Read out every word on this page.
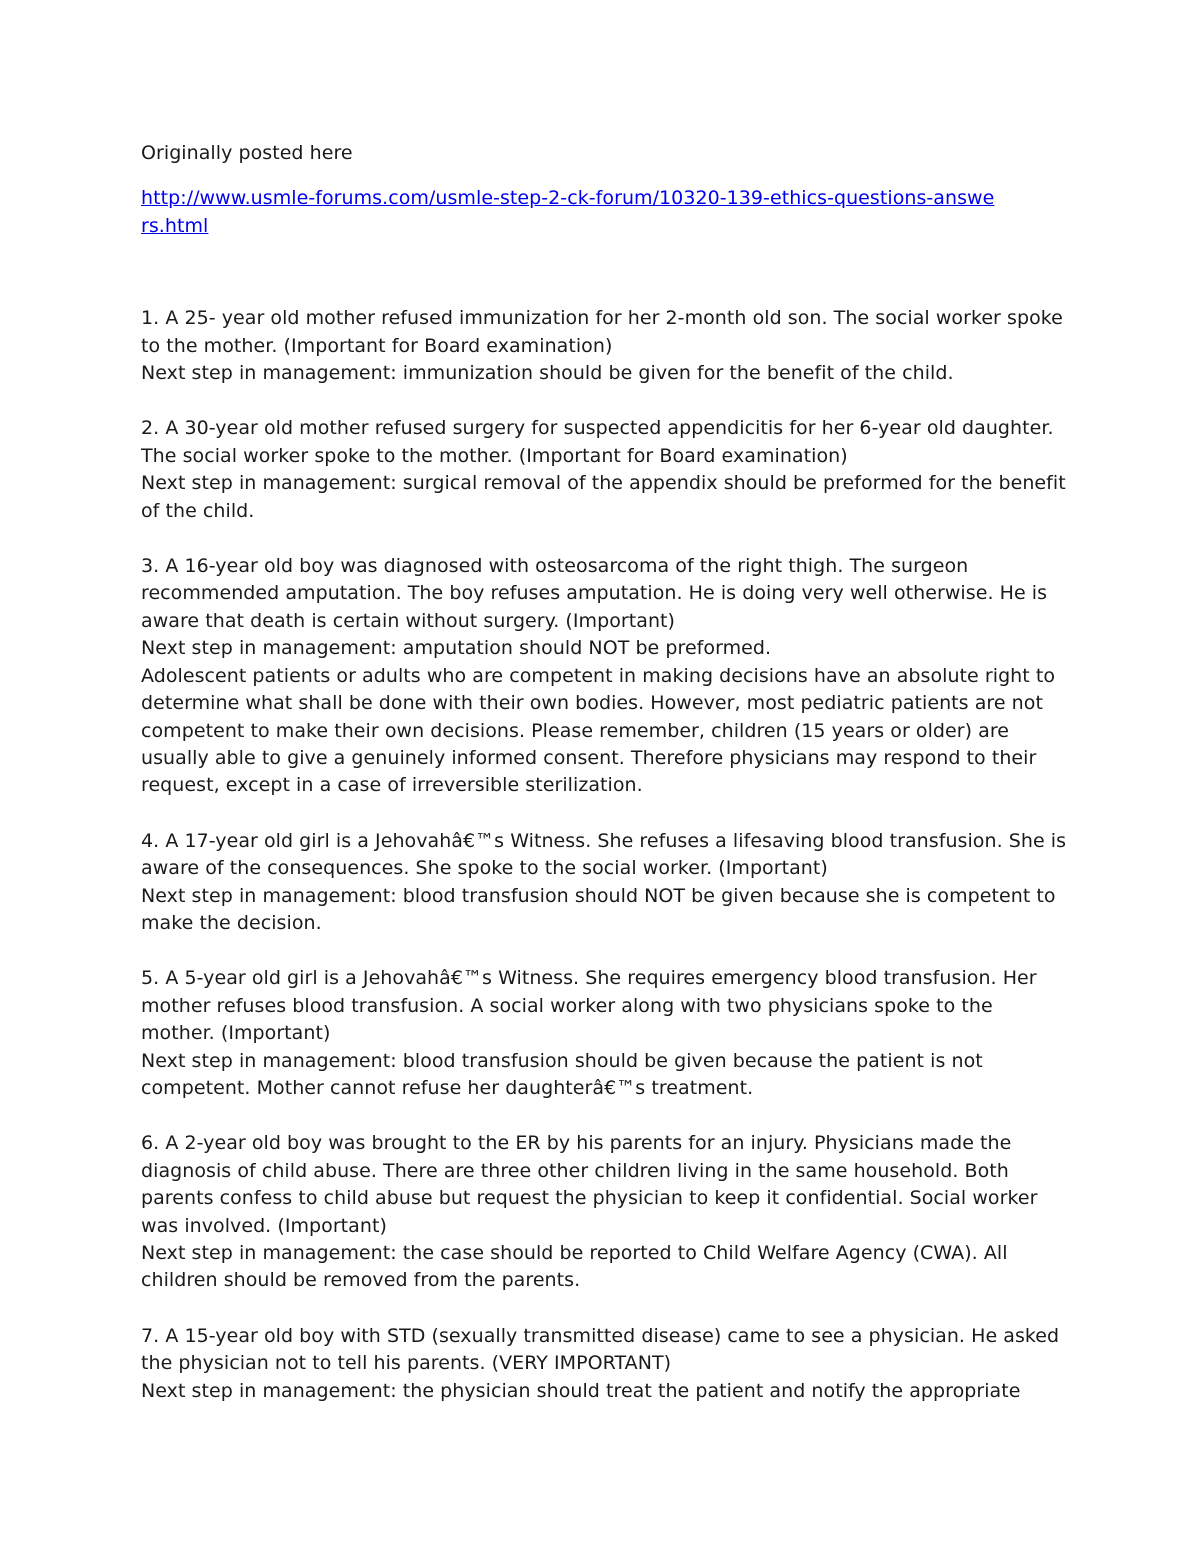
Originally posted here

http://www.usmle-forums.com/usmle-step-2-ck-forum/10320-139-ethics-questions-answers.html
1. A 25- year old mother refused immunization for her 2-month old son. The social worker spoke to the mother. (Important for Board examination)
Next step in management: immunization should be given for the benefit of the child.
2. A 30-year old mother refused surgery for suspected appendicitis for her 6-year old daughter. The social worker spoke to the mother. (Important for Board examination)
Next step in management: surgical removal of the appendix should be preformed for the benefit of the child.
3. A 16-year old boy was diagnosed with osteosarcoma of the right thigh. The surgeon recommended amputation. The boy refuses amputation. He is doing very well otherwise. He is aware that death is certain without surgery. (Important)
Next step in management: amputation should NOT be preformed.
Adolescent patients or adults who are competent in making decisions have an absolute right to determine what shall be done with their own bodies. However, most pediatric patients are not competent to make their own decisions. Please remember, children (15 years or older) are usually able to give a genuinely informed consent. Therefore physicians may respond to their request, except in a case of irreversible sterilization.
4. A 17-year old girl is a Jehovahâ€™s Witness. She refuses a lifesaving blood transfusion. She is aware of the consequences. She spoke to the social worker. (Important)
Next step in management: blood transfusion should NOT be given because she is competent to make the decision.
5. A 5-year old girl is a Jehovahâ€™s Witness. She requires emergency blood transfusion. Her mother refuses blood transfusion. A social worker along with two physicians spoke to the mother. (Important)
Next step in management: blood transfusion should be given because the patient is not competent. Mother cannot refuse her daughterâ€™s treatment.
6. A 2-year old boy was brought to the ER by his parents for an injury. Physicians made the diagnosis of child abuse. There are three other children living in the same household. Both parents confess to child abuse but request the physician to keep it confidential. Social worker was involved. (Important)
Next step in management: the case should be reported to Child Welfare Agency (CWA). All children should be removed from the parents.
7. A 15-year old boy with STD (sexually transmitted disease) came to see a physician. He asked the physician not to tell his parents. (VERY IMPORTANT)
Next step in management: the physician should treat the patient and notify the appropriate
